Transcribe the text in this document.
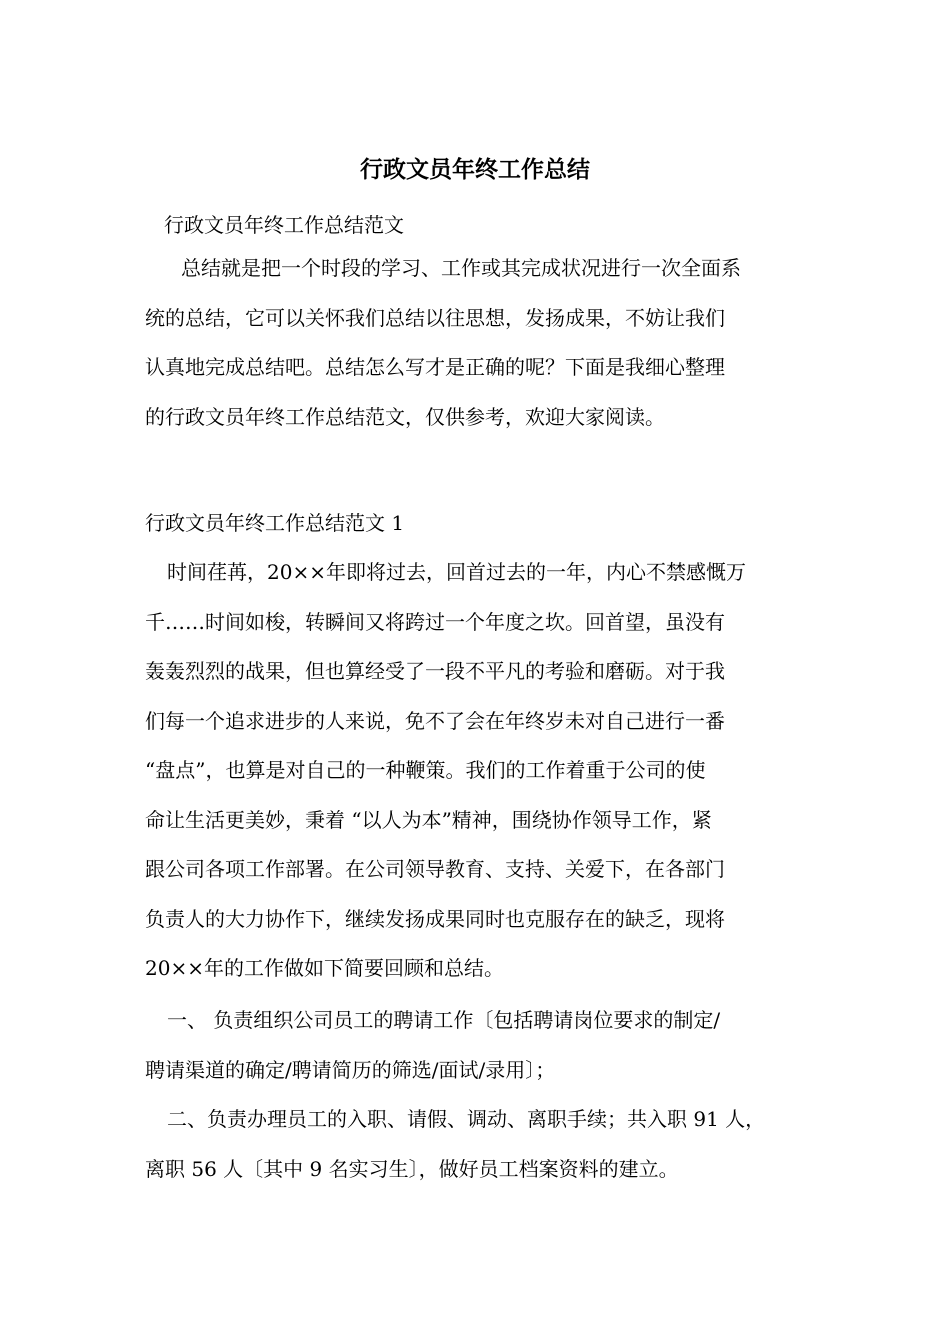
行政文员年终工作总结
行政文员年终工作总结范文
总结就是把一个时段的学习、工作或其完成状况进行一次全面系
统的总结，它可以关怀我们总结以往思想，发扬成果，不妨让我们
认真地完成总结吧。总结怎么写才是正确的呢？下面是我细心整理
的行政文员年终工作总结范文，仅供参考，欢迎大家阅读。
行政文员年终工作总结范文 1
时间荏苒，20××年即将过去，回首过去的一年，内心不禁感慨万
千……时间如梭，转瞬间又将跨过一个年度之坎。回首望，虽没有
轰轰烈烈的战果，但也算经受了一段不平凡的考验和磨砺。对于我
们每一个追求进步的人来说，免不了会在年终岁未对自己进行一番
“盘点”，也算是对自己的一种鞭策。我们的工作着重于公司的使
命让生活更美妙，秉着 “以人为本”精神，围绕协作领导工作，紧
跟公司各项工作部署。在公司领导教育、支持、关爱下，在各部门
负责人的大力协作下，继续发扬成果同时也克服存在的缺乏，现将
20××年的工作做如下简要回顾和总结。
一、 负责组织公司员工的聘请工作〔包括聘请岗位要求的制定/
聘请渠道的确定/聘请简历的筛选/面试/录用〕；
二、负责办理员工的入职、请假、调动、离职手续；共入职 91 人，
离职 56 人〔其中 9 名实习生〕，做好员工档案资料的建立。
